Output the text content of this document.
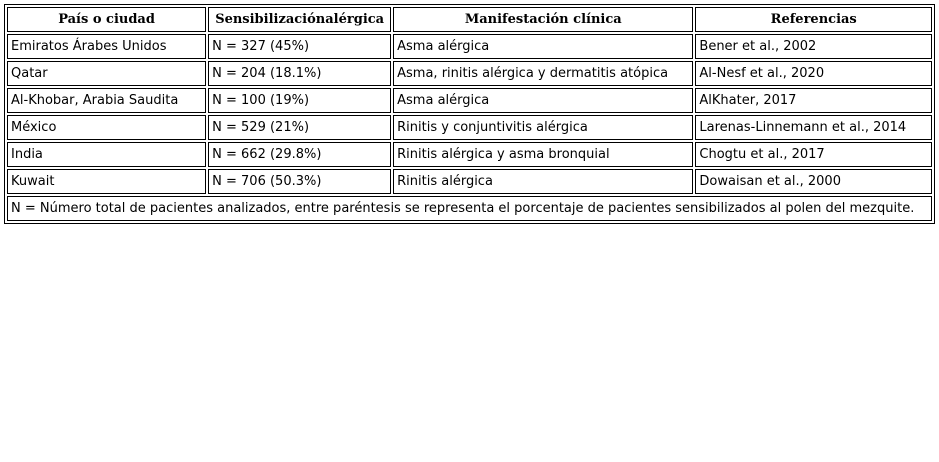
País o ciudad	Sensibilizaciónalérgica	Manifestación clínica	Referencias
Emiratos Árabes Unidos	N = 327 (45%)	Asma alérgica	Bener et al., 2002
Qatar	N = 204 (18.1%)	Asma, rinitis alérgica y dermatitis atópica	Al-Nesf et al., 2020
Al-Khobar, Arabia Saudita	N = 100 (19%)	Asma alérgica	AlKhater, 2017
México	N = 529 (21%)	Rinitis y conjuntivitis alérgica	Larenas-Linnemann et al., 2014
India	N = 662 (29.8%)	Rinitis alérgica y asma bronquial	Chogtu et al., 2017
Kuwait	N = 706 (50.3%)	Rinitis alérgica	Dowaisan et al., 2000
N = Número total de pacientes analizados, entre paréntesis se representa el porcentaje de pacientes sensibilizados al polen del mezquite.			
